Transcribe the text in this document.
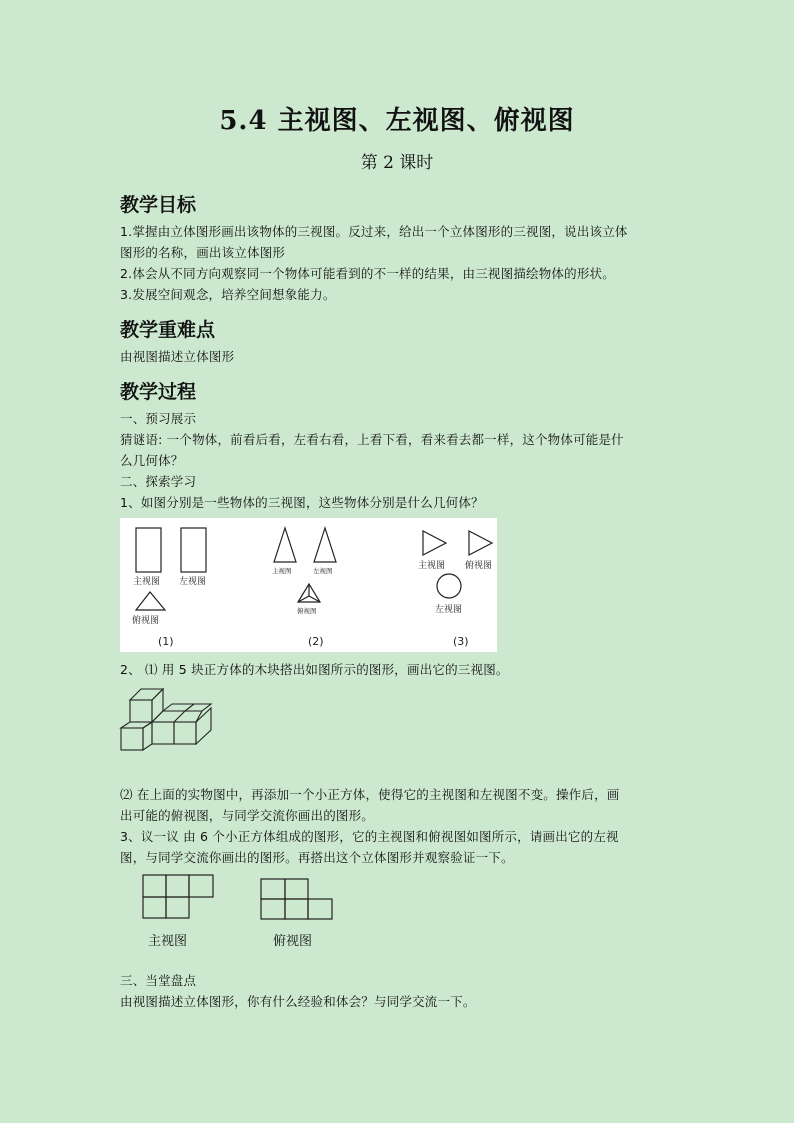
5.4 主视图、左视图、俯视图
第 2 课时
教学目标
1.掌握由立体图形画出该物体的三视图。反过来，给出一个立体图形的三视图，说出该立体
图形的名称，画出该立体图形
2.体会从不同方向观察同一个物体可能看到的不一样的结果，由三视图描绘物体的形状。
3.发展空间观念，培养空间想象能力。
教学重难点
由视图描述立体图形
教学过程
一、预习展示
猜谜语: 一个物体，前看后看，左看右看，上看下看，看来看去都一样，这个物体可能是什
么几何体？
二、探索学习
1、如图分别是一些物体的三视图，这些物体分别是什么几何体？
主视图 左视图
俯视图
主视图	左视图
俯视图
主视图 俯视图
左视图
(1)	(2)	(3)
2、 ⑴ 用 5 块正方体的木块搭出如图所示的图形，画出它的三视图。
⑵ 在上面的实物图中，再添加一个小正方体，使得它的主视图和左视图不变。操作后，画
出可能的俯视图，与同学交流你画出的图形。
3、议一议 由 6 个小正方体组成的图形，它的主视图和俯视图如图所示，请画出它的左视
图，与同学交流你画出的图形。再搭出这个立体图形并观察验证一下。
主视图	俯视图
三、当堂盘点
由视图描述立体图形，你有什么经验和体会？与同学交流一下。
